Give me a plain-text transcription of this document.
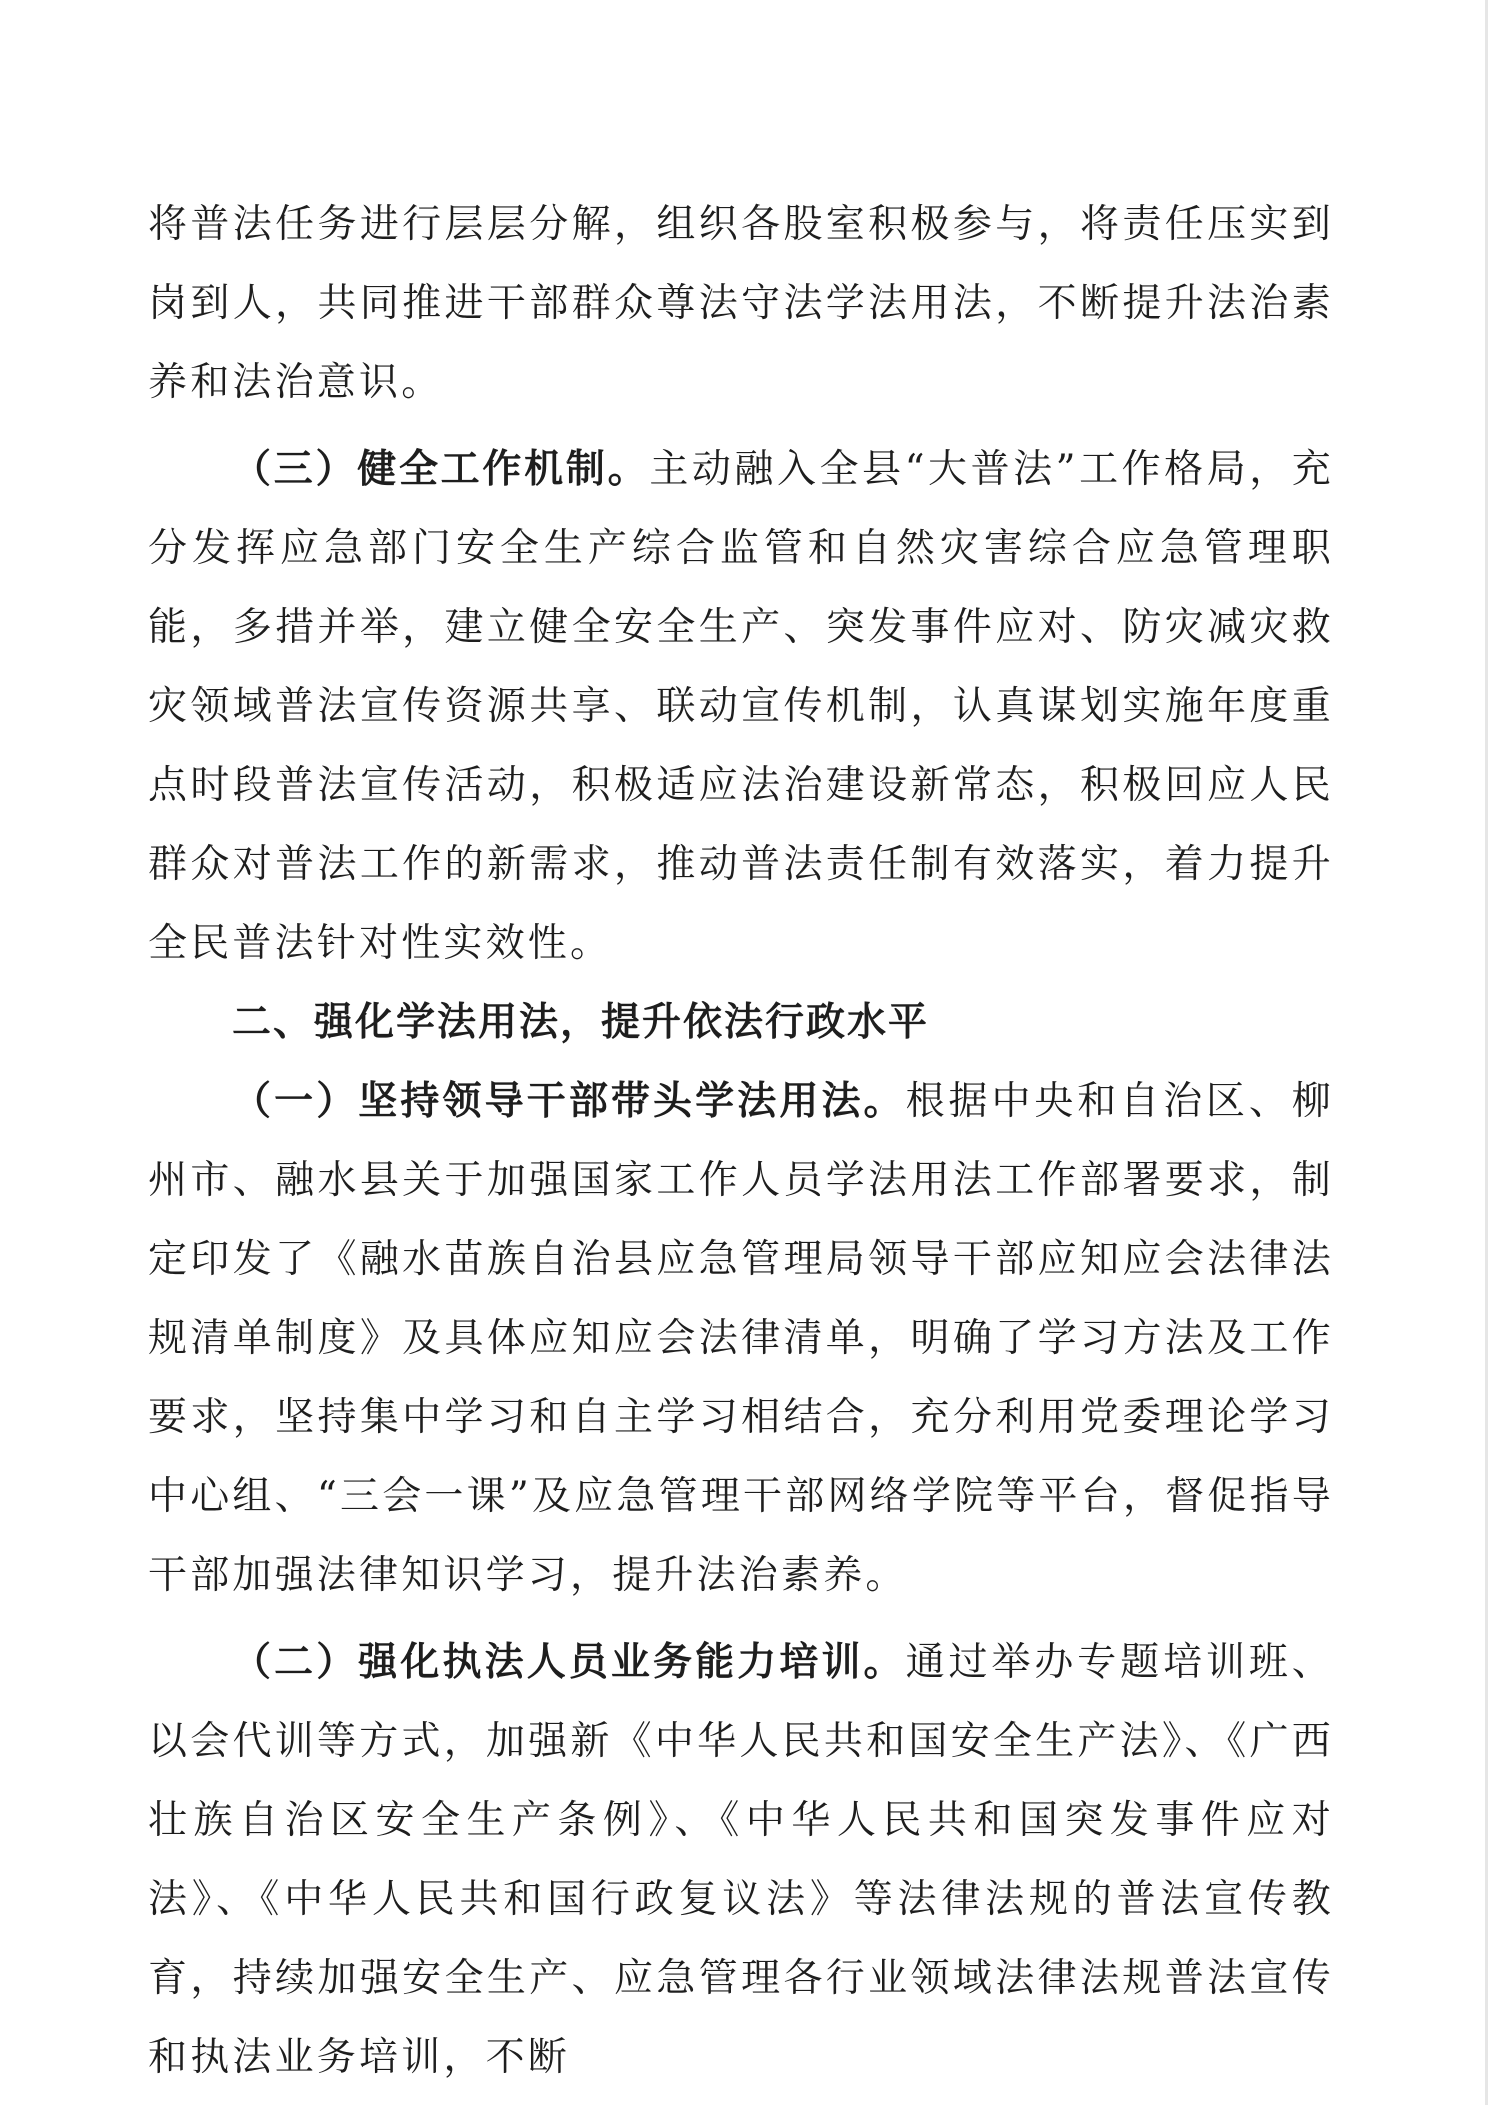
将普法任务进行层层分解，组织各股室积极参与，将责任压实到岗到人，共同推进干部群众尊法守法学法用法，不断提升法治素养和法治意识。

（三）健全工作机制。主动融入全县“大普法”工作格局，充分发挥应急部门安全生产综合监管和自然灾害综合应急管理职能，多措并举，建立健全安全生产、突发事件应对、防灾减灾救灾领域普法宣传资源共享、联动宣传机制，认真谋划实施年度重点时段普法宣传活动，积极适应法治建设新常态，积极回应人民群众对普法工作的新需求，推动普法责任制有效落实，着力提升全民普法针对性实效性。

二、强化学法用法，提升依法行政水平

（一）坚持领导干部带头学法用法。根据中央和自治区、柳州市、融水县关于加强国家工作人员学法用法工作部署要求，制定印发了《融水苗族自治县应急管理局领导干部应知应会法律法规清单制度》及具体应知应会法律清单，明确了学习方法及工作要求，坚持集中学习和自主学习相结合，充分利用党委理论学习中心组、“三会一课”及应急管理干部网络学院等平台，督促指导干部加强法律知识学习，提升法治素养。

（二）强化执法人员业务能力培训。通过举办专题培训班、以会代训等方式，加强新《中华人民共和国安全生产法》、《广西壮族自治区安全生产条例》、《中华人民共和国突发事件应对法》、《中华人民共和国行政复议法》等法律法规的普法宣传教育，持续加强安全生产、应急管理各行业领域法律法规普法宣传和执法业务培训，不断
